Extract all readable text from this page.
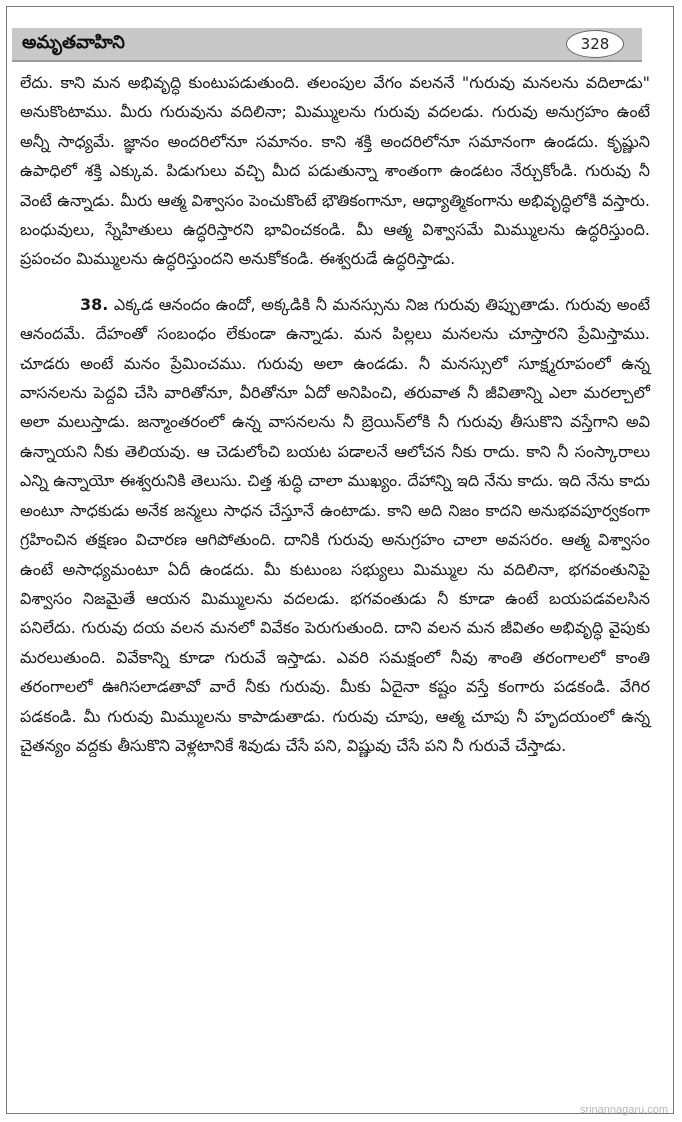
అమృతవాహిని	328

లేదు. కాని మన అభివృద్ధి కుంటుపడుతుంది. తలంపుల వేగం వలననే "గురువు మనలను వదిలాడు" అనుకొంటాము. మీరు గురువును వదిలినా; మిమ్ములను గురువు వదలడు. గురువు అనుగ్రహం ఉంటే అన్నీ సాధ్యమే. జ్ఞానం అందరిలోనూ సమానం. కాని శక్తి అందరిలోనూ సమానంగా ఉండదు. కృష్ణుని ఉపాధిలో శక్తి ఎక్కువ. పిడుగులు వచ్చి మీద పడుతున్నా శాంతంగా ఉండటం నేర్చుకోండి. గురువు నీ వెంటే ఉన్నాడు. మీరు ఆత్మ విశ్వాసం పెంచుకొంటే భౌతికంగానూ, ఆధ్యాత్మికంగాను అభివృద్ధిలోకి వస్తారు. బంధువులు, స్నేహితులు ఉద్ధరిస్తారని భావించకండి. మీ ఆత్మ విశ్వాసమే మిమ్ములను ఉద్ధరిస్తుంది. ప్రపంచం మిమ్ములను ఉద్ధరిస్తుందని అనుకోకండి. ఈశ్వరుడే ఉద్ధరిస్తాడు.

38. ఎక్కడ ఆనందం ఉందో, అక్కడికి నీ మనస్సును నిజ గురువు తిప్పుతాడు. గురువు అంటే ఆనందమే. దేహంతో సంబంధం లేకుండా ఉన్నాడు. మన పిల్లలు మనలను చూస్తారని ప్రేమిస్తాము. చూడరు అంటే మనం ప్రేమించము. గురువు అలా ఉండడు. నీ మనస్సులో సూక్ష్మరూపంలో ఉన్న వాసనలను పెద్దవి చేసి వారితోనూ, వీరితోనూ ఏదో అనిపించి, తరువాత నీ జీవితాన్ని ఎలా మరల్చాలో అలా మలుస్తాడు. జన్మాంతరంలో ఉన్న వాసనలను నీ బ్రెయిన్‌లోకి నీ గురువు తీసుకొని వస్తేగాని అవి ఉన్నాయని నీకు తెలియవు. ఆ చెడులోంచి బయట పడాలనే ఆలోచన నీకు రాదు. కాని నీ సంస్కారాలు ఎన్ని ఉన్నాయో ఈశ్వరునికి తెలుసు. చిత్త శుద్ధి చాలా ముఖ్యం. దేహాన్ని ఇది నేను కాదు. ఇది నేను కాదు అంటూ సాధకుడు అనేక జన్మలు సాధన చేస్తూనే ఉంటాడు. కాని అది నిజం కాదని అనుభవపూర్వకంగా గ్రహించిన తక్షణం విచారణ ఆగిపోతుంది. దానికి గురువు అనుగ్రహం చాలా అవసరం. ఆత్మ విశ్వాసం ఉంటే అసాధ్యమంటూ ఏదీ ఉండదు. మీ కుటుంబ సభ్యులు మిమ్ముల ను వదిలినా, భగవంతునిపై విశ్వాసం నిజమైతే ఆయన మిమ్ములను వదలడు. భగవంతుడు నీ కూడా ఉంటే బయపడవలసిన పనిలేదు. గురువు దయ వలన మనలో వివేకం పెరుగుతుంది. దాని వలన మన జీవితం అభివృద్ధి వైపుకు మరలుతుంది. వివేకాన్ని కూడా గురువే ఇస్తాడు. ఎవరి సమక్షంలో నీవు శాంతి తరంగాలలో కాంతి తరంగాలలో ఊగిసలాడతావో వారే నీకు గురువు. మీకు ఏదైనా కష్టం వస్తే కంగారు పడకండి. వేగిర పడకండి. మీ గురువు మిమ్ములను కాపాడుతాడు. గురువు చూపు, ఆత్మ చూపు నీ హృదయంలో ఉన్న చైతన్యం వద్దకు తీసుకొని వెళ్లటానికే శివుడు చేసే పని, విష్ణువు చేసే పని నీ గురువే చేస్తాడు.

srinannagaru.com
